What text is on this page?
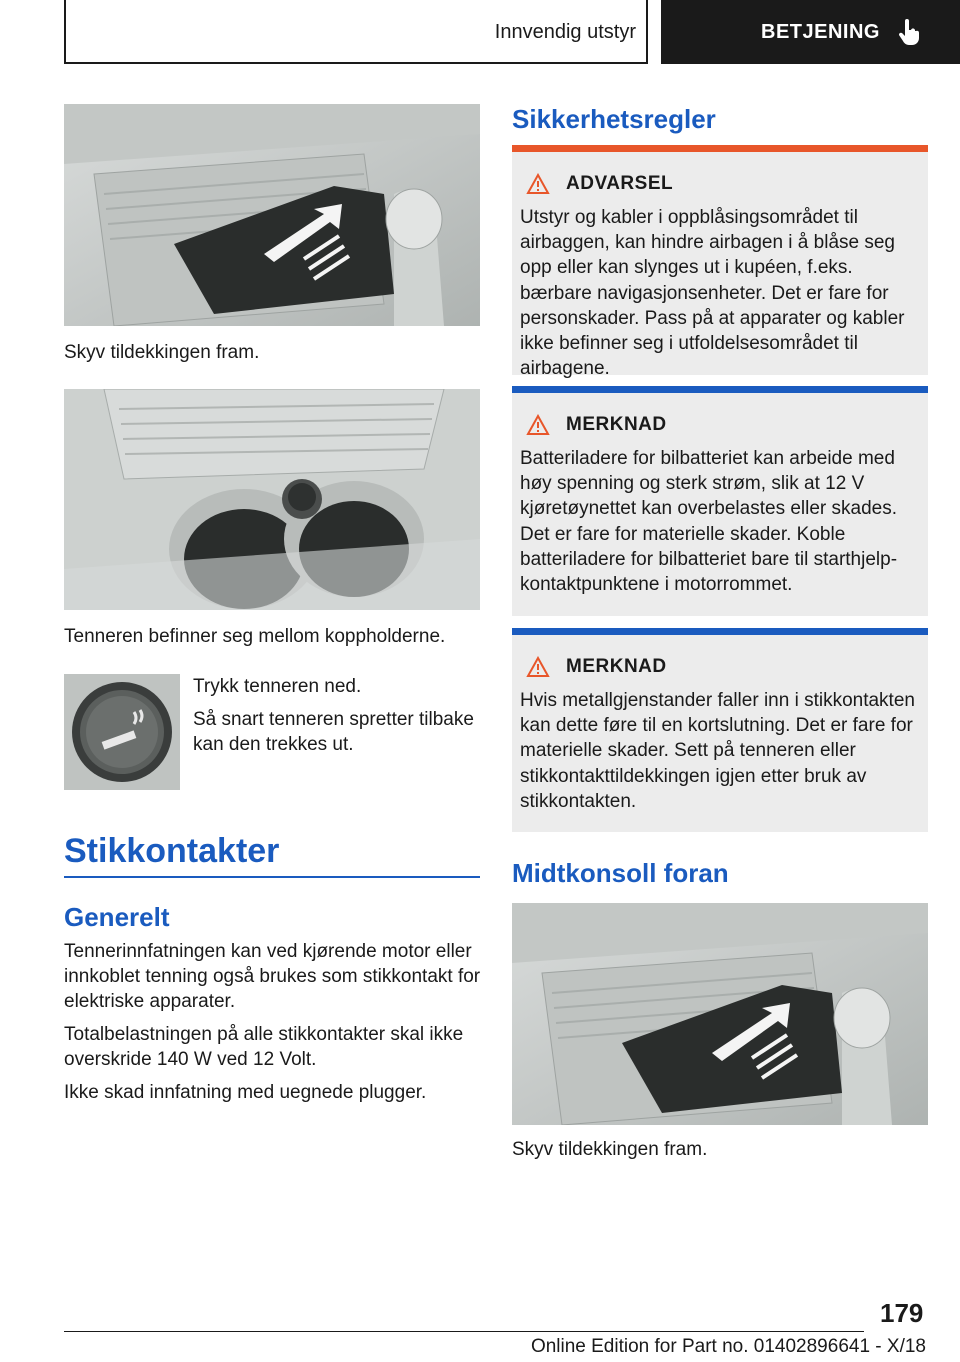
Innvendig utstyr	BETJENING
Skyv tildekkingen fram.
Tenneren befinner seg mellom koppholderne.

Trykk tenneren ned.

Så snart tenneren spretter tilbake kan den trekkes ut.

Stikkontakter
Generelt

Tennerinnfatningen kan ved kjørende motor eller innkoblet tenning også brukes som stikkontakt for elektriske apparater.

Totalbelastningen på alle stikkontakter skal ikke overskride 140 W ved 12 Volt.

Ikke skad innfatning med uegnede plugger.

Sikkerhetsregler
ADVARSEL
Utstyr og kabler i oppblåsingsområdet til airbaggen, kan hindre airbagen i å blåse seg opp eller kan slynges ut i kupéen, f.eks. bærbare navigasjonsenheter. Det er fare for personskader. Pass på at apparater og kabler ikke befinner seg i utfoldelsesområdet til airbagene.
MERKNAD
Batteriladere for bilbatteriet kan arbeide med høy spenning og sterk strøm, slik at 12 V kjøretøynettet kan overbelastes eller skades. Det er fare for materielle skader. Koble batteriladere for bilbatteriet bare til starthjelp-kontaktpunktene i motorrommet.
MERKNAD
Hvis metallgjenstander faller inn i stikkontakten kan dette føre til en kortslutning. Det er fare for materielle skader. Sett på tenneren eller stikkontakttildekkingen igjen etter bruk av stikkontakten.
Midtkonsoll foran
Skyv tildekkingen fram.
179
Online Edition for Part no. 01402896641 - X/18
